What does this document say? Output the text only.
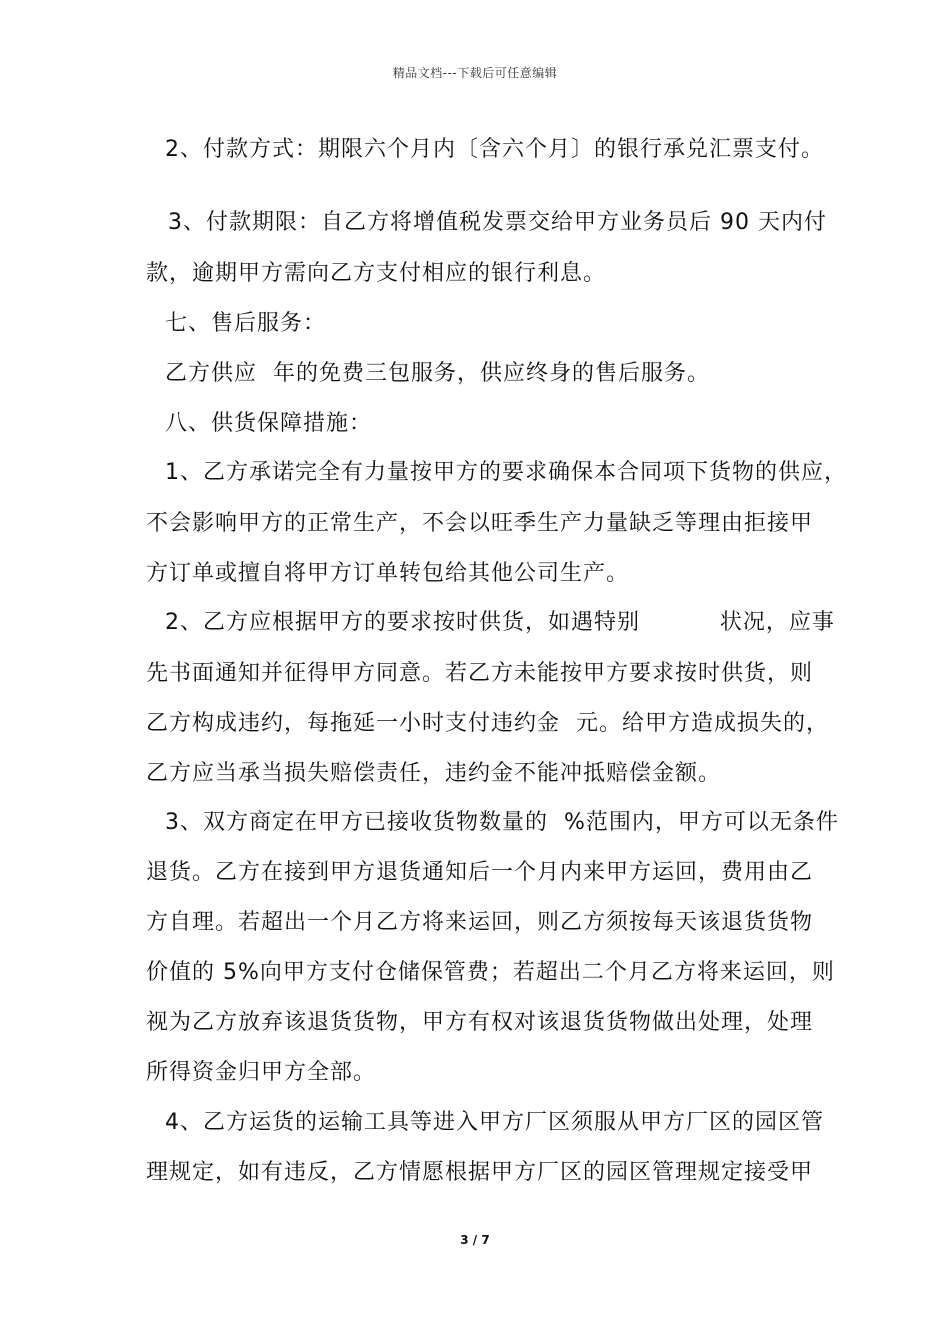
精品文档---下载后可任意编辑
2、付款方式：期限六个月内〔含六个月〕的银行承兑汇票支付。
3、付款期限：自乙方将增值税发票交给甲方业务员后 90 天内付
款，逾期甲方需向乙方支付相应的银行利息。
七、售后服务：
乙方供应  年的免费三包服务，供应终身的售后服务。
八、供货保障措施：
1、乙方承诺完全有力量按甲方的要求确保本合同项下货物的供应，
不会影响甲方的正常生产，不会以旺季生产力量缺乏等理由拒接甲
方订单或擅自将甲方订单转包给其他公司生产。
2、乙方应根据甲方的要求按时供货，如遇特别          状况，应事
先书面通知并征得甲方同意。若乙方未能按甲方要求按时供货，则
乙方构成违约，每拖延一小时支付违约金  元。给甲方造成损失的，
乙方应当承当损失赔偿责任，违约金不能冲抵赔偿金额。
3、双方商定在甲方已接收货物数量的  %范围内，甲方可以无条件
退货。乙方在接到甲方退货通知后一个月内来甲方运回，费用由乙
方自理。若超出一个月乙方将来运回，则乙方须按每天该退货货物
价值的 5%向甲方支付仓储保管费；若超出二个月乙方将来运回，则
视为乙方放弃该退货货物，甲方有权对该退货货物做出处理，处理
所得资金归甲方全部。
4、乙方运货的运输工具等进入甲方厂区须服从甲方厂区的园区管
理规定，如有违反，乙方情愿根据甲方厂区的园区管理规定接受甲
3 / 7
